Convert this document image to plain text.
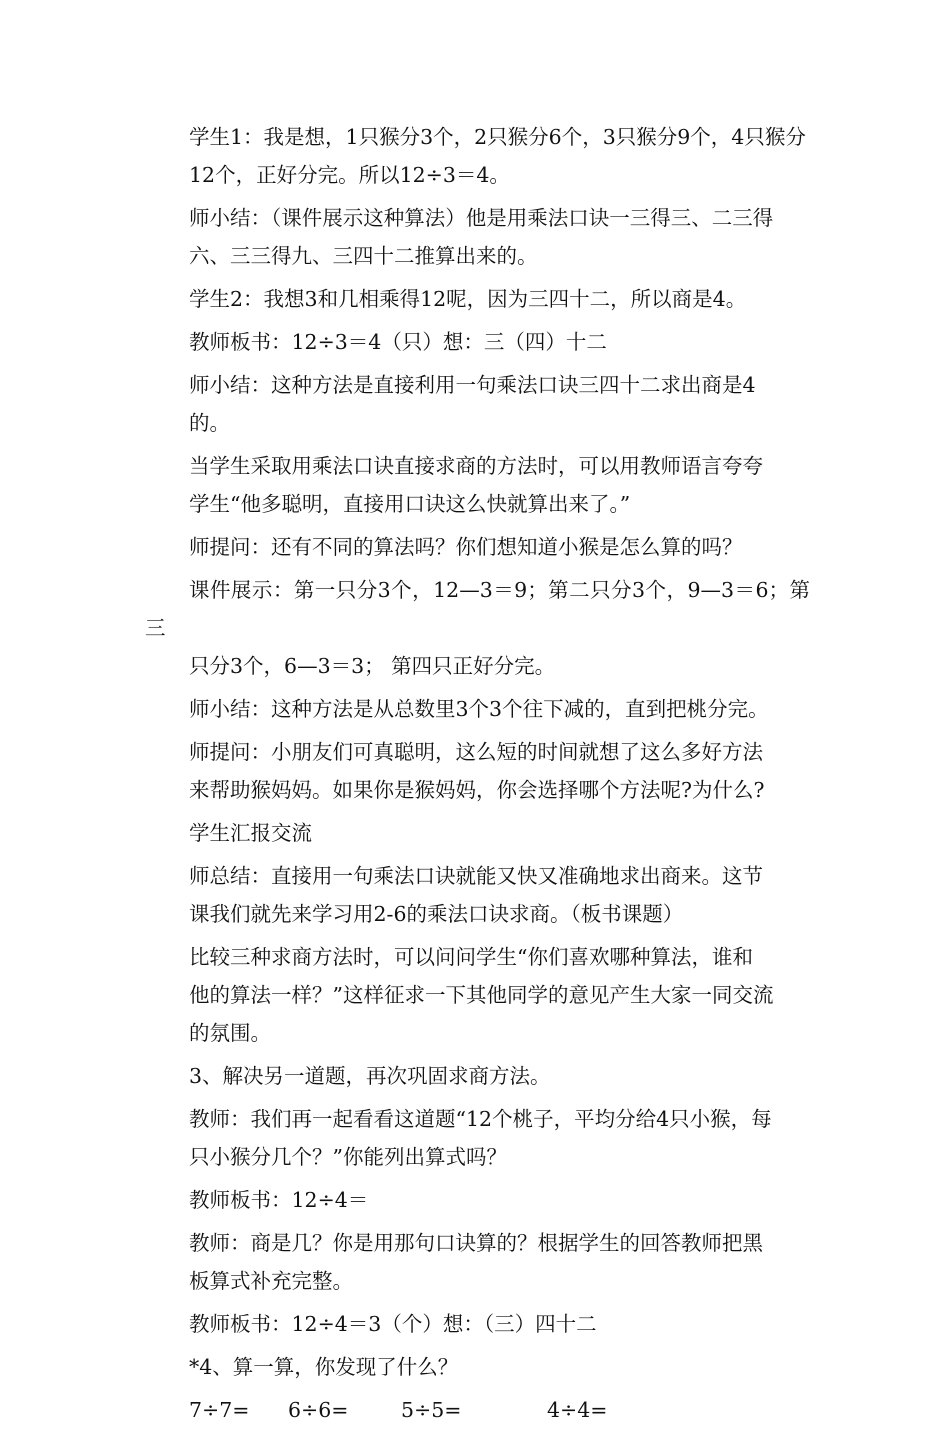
学生1：我是想，1只猴分3个，2只猴分6个，3只猴分9个，4只猴分
12个，正好分完。所以12÷3＝4。

师小结：（课件展示这种算法）他是用乘法口诀一三得三、二三得
六、三三得九、三四十二推算出来的。

学生2：我想3和几相乘得12呢，因为三四十二，所以商是4。

教师板书：12÷3＝4（只）想：三（四）十二

师小结：这种方法是直接利用一句乘法口诀三四十二求出商是4
的。

当学生采取用乘法口诀直接求商的方法时，可以用教师语言夸夸
学生“他多聪明，直接用口诀这么快就算出来了。”

师提问：还有不同的算法吗？你们想知道小猴是怎么算的吗？

课件展示：第一只分3个，12—3＝9；第二只分3个，9—3＝6；第三
只分3个，6—3＝3； 第四只正好分完。

师小结：这种方法是从总数里3个3个往下减的，直到把桃分完。

师提问：小朋友们可真聪明，这么短的时间就想了这么多好方法
来帮助猴妈妈。如果你是猴妈妈，你会选择哪个方法呢?为什么?

学生汇报交流

师总结：直接用一句乘法口诀就能又快又准确地求出商来。这节
课我们就先来学习用2-6的乘法口诀求商。（板书课题）

比较三种求商方法时，可以问问学生“你们喜欢哪种算法，谁和
他的算法一样？”这样征求一下其他同学的意见产生大家一同交流
的氛围。

3、解决另一道题，再次巩固求商方法。

教师：我们再一起看看这道题“12个桃子，平均分给4只小猴，每
只小猴分几个？”你能列出算式吗？

教师板书：12÷4＝

教师：商是几？你是用那句口诀算的？根据学生的回答教师把黑
板算式补充完整。

教师板书：12÷4＝3（个）想：（三）四十二

*4、算一算，你发现了什么？

7÷7= 6÷6=	5÷5=	4÷4=
